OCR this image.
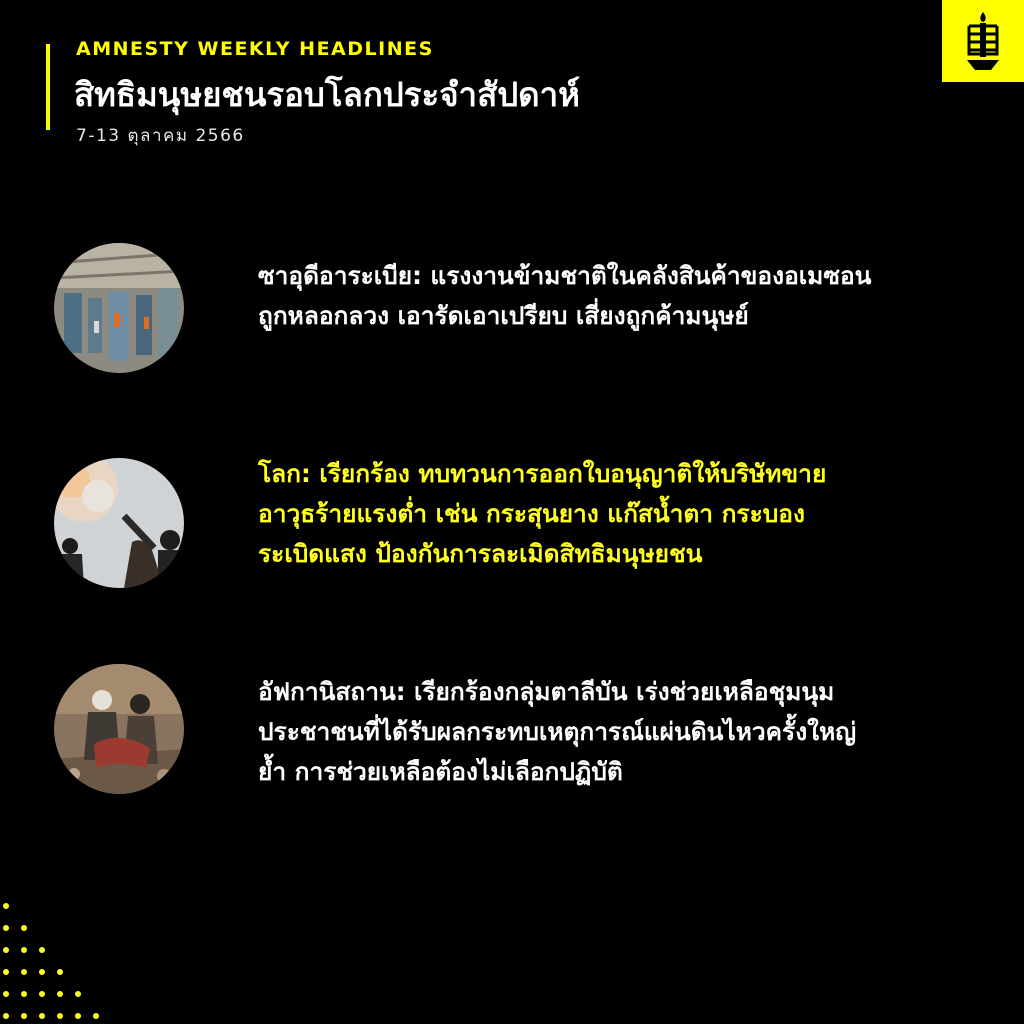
AMNESTY WEEKLY HEADLINES
สิทธิมนุษยชนรอบโลกประจำสัปดาห์
7-13 ตุลาคม 2566
ซาอุดีอาระเบีย: แรงงานข้ามชาติในคลังสินค้าของอเมซอน
ถูกหลอกลวง เอารัดเอาเปรียบ เสี่ยงถูกค้ามนุษย์
โลก: เรียกร้อง ทบทวนการออกใบอนุญาติให้บริษัทขาย
อาวุธร้ายแรงต่ำ เช่น กระสุนยาง แก๊สน้ำตา กระบอง
ระเบิดแสง ป้องกันการละเมิดสิทธิมนุษยชน
อัฟกานิสถาน: เรียกร้องกลุ่มตาลีบัน เร่งช่วยเหลือชุมนุม
ประชาชนที่ได้รับผลกระทบเหตุการณ์แผ่นดินไหวครั้งใหญ่
ย้ำ การช่วยเหลือต้องไม่เลือกปฏิบัติ
